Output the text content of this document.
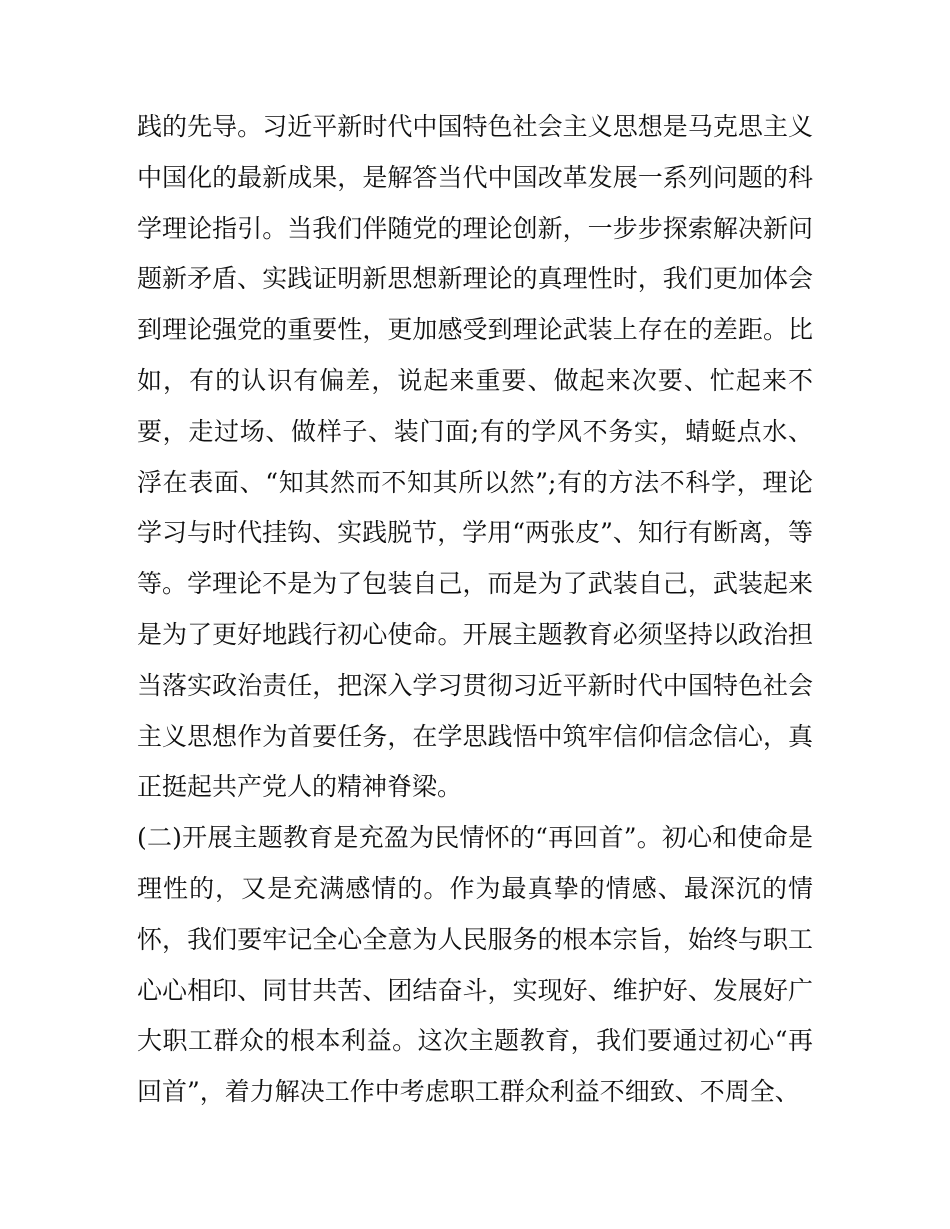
践的先导。习近平新时代中国特色社会主义思想是马克思主义中国化的最新成果，是解答当代中国改革发展一系列问题的科学理论指引。当我们伴随党的理论创新，一步步探索解决新问题新矛盾、实践证明新思想新理论的真理性时，我们更加体会到理论强党的重要性，更加感受到理论武装上存在的差距。比如，有的认识有偏差，说起来重要、做起来次要、忙起来不要，走过场、做样子、装门面;有的学风不务实，蜻蜓点水、浮在表面、“知其然而不知其所以然”;有的方法不科学，理论学习与时代挂钩、实践脱节，学用“两张皮”、知行有断离，等等。学理论不是为了包装自己，而是为了武装自己，武装起来是为了更好地践行初心使命。开展主题教育必须坚持以政治担当落实政治责任，把深入学习贯彻习近平新时代中国特色社会主义思想作为首要任务，在学思践悟中筑牢信仰信念信心，真正挺起共产党人的精神脊梁。

(二)开展主题教育是充盈为民情怀的“再回首”。初心和使命是理性的，又是充满感情的。作为最真挚的情感、最深沉的情怀，我们要牢记全心全意为人民服务的根本宗旨，始终与职工心心相印、同甘共苦、团结奋斗，实现好、维护好、发展好广大职工群众的根本利益。这次主题教育，我们要通过初心“再回首”，着力解决工作中考虑职工群众利益不细致、不周全、
